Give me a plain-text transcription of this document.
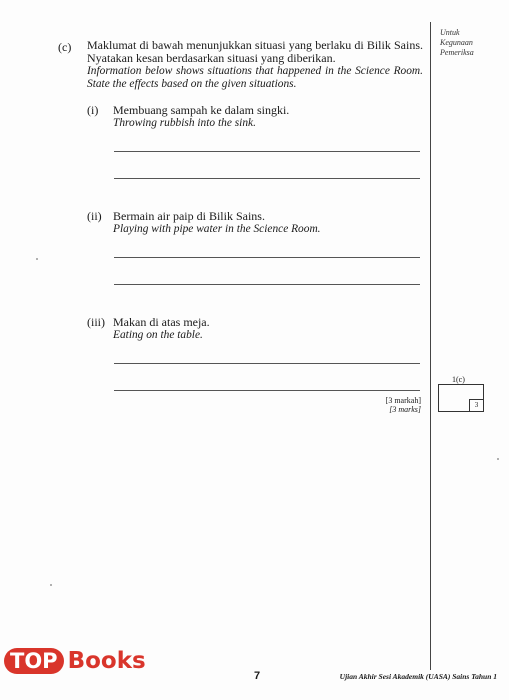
Untuk
Kegunaan
Pemeriksa
(c) Maklumat di bawah menunjukkan situasi yang berlaku di Bilik Sains. Nyatakan kesan berdasarkan situasi yang diberikan.
Information below shows situations that happened in the Science Room. State the effects based on the given situations.
(i) Membuang sampah ke dalam singki.
Throwing rubbish into the sink.
(ii) Bermain air paip di Bilik Sains.
Playing with pipe water in the Science Room.
(iii) Makan di atas meja.
Eating on the table.
[3 markah]
[3 marks]
1(c)
3
TOP Books
7	Ujian Akhir Sesi Akademik (UASA) Sains Tahun 1
